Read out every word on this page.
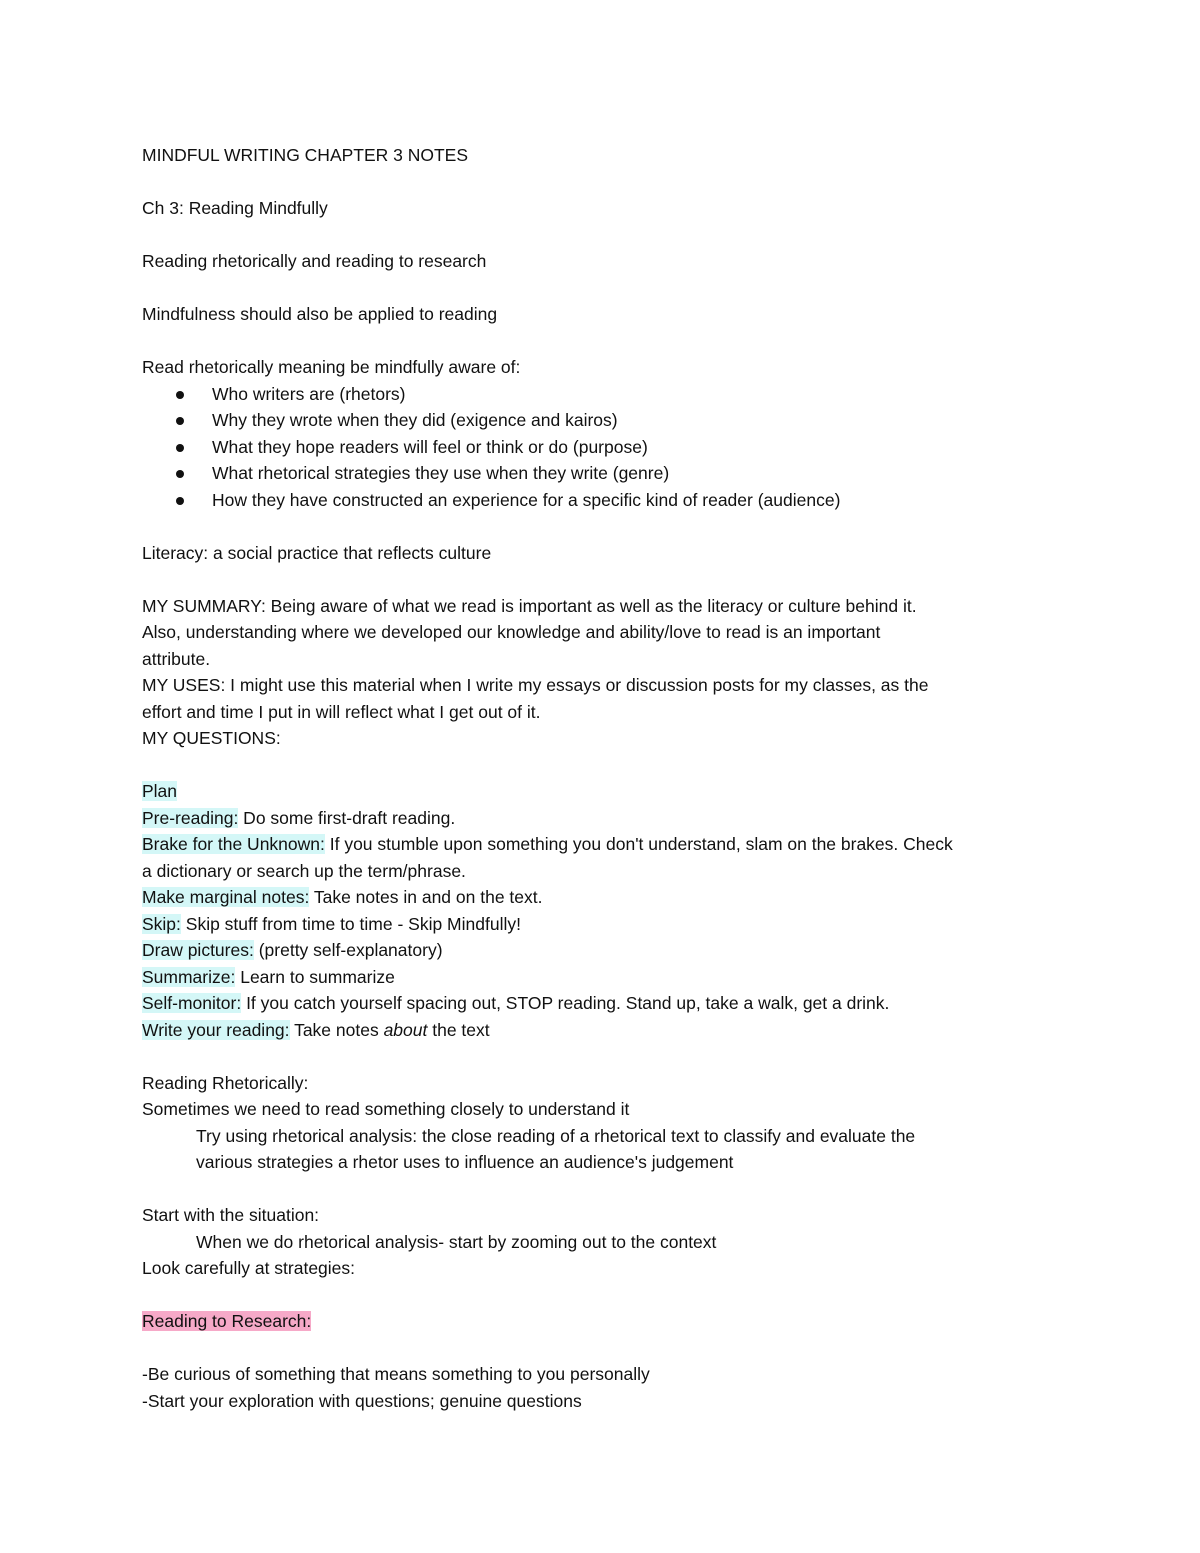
MINDFUL WRITING CHAPTER 3 NOTES

Ch 3: Reading Mindfully

Reading rhetorically and reading to research

Mindfulness should also be applied to reading

Read rhetorically meaning be mindfully aware of:

Who writers are (rhetors)
Why they wrote when they did (exigence and kairos)
What they hope readers will feel or think or do (purpose)
What rhetorical strategies they use when they write (genre)
How they have constructed an experience for a specific kind of reader (audience)

Literacy: a social practice that reflects culture

MY SUMMARY: Being aware of what we read is important as well as the literacy or culture behind it.

Also, understanding where we developed our knowledge and ability/love to read is an important

attribute.

MY USES: I might use this material when I write my essays or discussion posts for my classes, as the

effort and time I put in will reflect what I get out of it.

MY QUESTIONS:

Plan

Pre-reading: Do some first-draft reading.

Brake for the Unknown: If you stumble upon something you don't understand, slam on the brakes. Check

a dictionary or search up the term/phrase.

Make marginal notes: Take notes in and on the text.

Skip: Skip stuff from time to time - Skip Mindfully!

Draw pictures: (pretty self-explanatory)

Summarize: Learn to summarize

Self-monitor: If you catch yourself spacing out, STOP reading. Stand up, take a walk, get a drink.

Write your reading: Take notes about the text

Reading Rhetorically:

Sometimes we need to read something closely to understand it

Try using rhetorical analysis: the close reading of a rhetorical text to classify and evaluate the

various strategies a rhetor uses to influence an audience's judgement

Start with the situation:

When we do rhetorical analysis- start by zooming out to the context

Look carefully at strategies:

Reading to Research:

-Be curious of something that means something to you personally

-Start your exploration with questions; genuine questions
